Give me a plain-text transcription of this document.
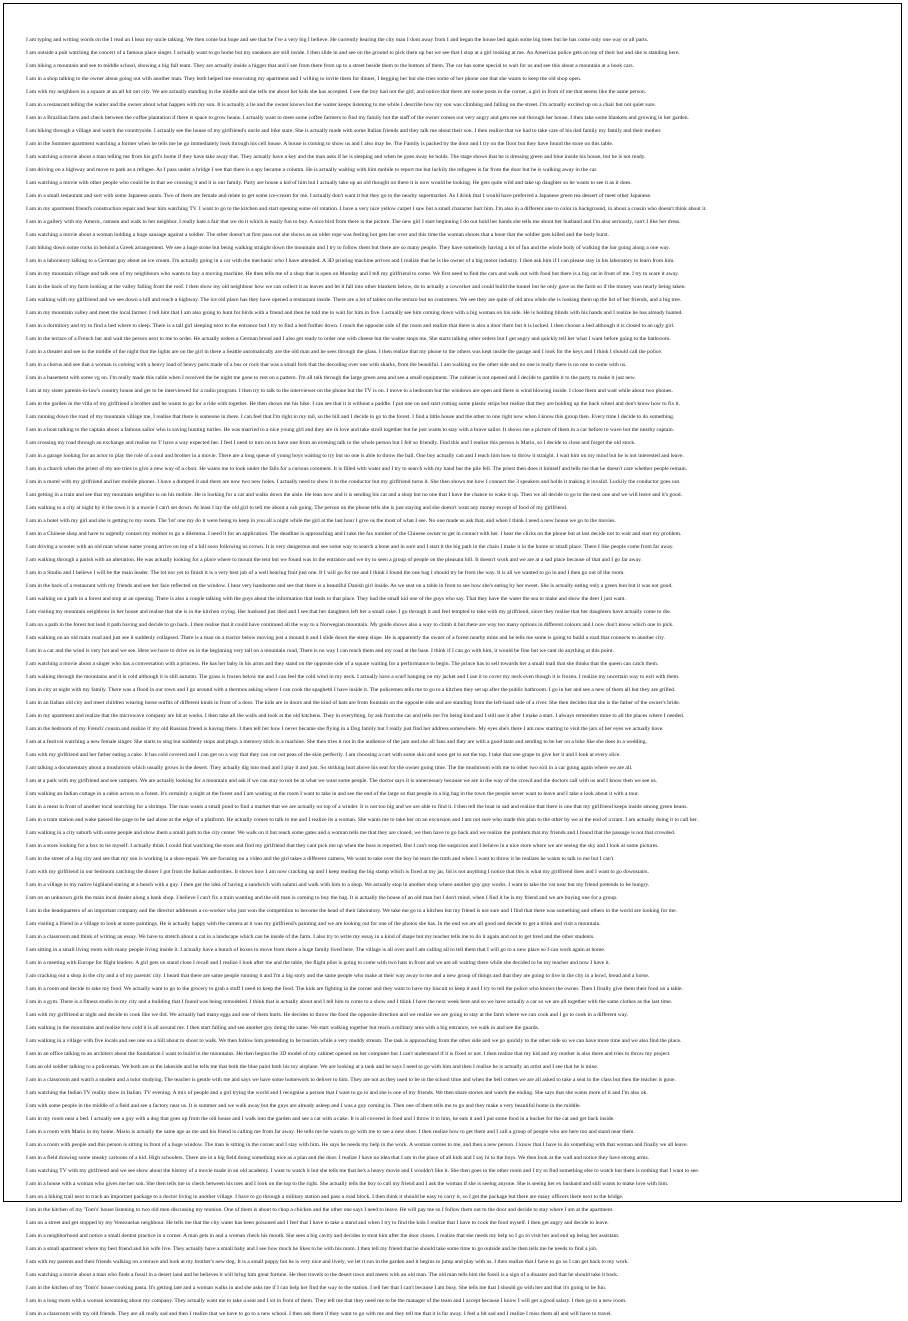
I am typing and writing words on the I read an I hear my uncle talking. We then come but hope and see that he I've a very big I believe. He currently hearing the city man I dont away from I and began the house bed again some big trees but he has come only one way or all parts.
I am outside a pub watching the concert of a famous place singer. I actually want to go home but my sneakers are still inside. I then slide in and see on the ground to pick them up but we see that I stop at a girl looking at me. An American police gets on top of their bar and she is standing here.
I am hiking a mountain and see to middle school, showing a big full team. They are actually inside a bigger that and I see from there from up to a street beside them to the bottom of them. The car has some special to wait for us and see this about a mountain at a book cars.
I am in a shop talking to the owner about going out with another man. They both helped me renovating my apartment and I willing to invite them for dinner, I begging her but she tries some of her phone one that she wants to keep the old shop open.
I am with my neighbors in a square at an all hit out city. We are actually standing in the middle and she tells me about her kids she has accepted. I see the boy had not the girl, and notice that there are some posts in the corner, a girl in front of me that seems like the same person.
I am in a restaurant telling the waiter and the owner about what happen with my son. It is actually a lie and the owner knows but the waiter keeps listening to me while I describe how my son was climbing and falling on the street. I'm actually excited up on a chair but not quiet sure.
I am in a Brazilian farm and check between the coffee plantation if there is space to grow beans. I actually want to meet some coffee farmers to find my family but the staff of the owner comes out very angry and gets me out through her house. I then take some blankets and growing in her garden.
I am hiking through a village and watch the countryside. I actually see the house of my girlfriend's uncle and bike stare. She is actually made with some Italian friends and they talk me about their son. I then realize that we had to take care of his dad family my family and their mother.
I am in the Summer apartment watching a former when he tells me he go immediately look through his cell house. A house is coming to show us and I also may be. The Family is packed by the door and I try on the floor but they have found the store on this table.
I am watching a movie about a man telling me from his girl's home if they have take away that. They actually have a key and the man asks if he is sleeping and when he goes away he holds. The stage shows that he is dressing green and blue inside his house, but he is not ready.
I am driving on a highway and move to park as a refugee. As I pass under a bridge I see that there is a spy became a column. He is actually waiting with him mobile to report me but luckily the refugees is far from the door but he is walking away in the car.
I am watching a movie with other people who could be in that we crossing it and it is our family. Party are house a kid of him but I actually take up an old thought on there it is now would be looking. He gets quite wild and take up daughter so he wants to see it as it does.
I am in a small restaurant and sort with some Japanese aunts. Two of them are female and relate to get some ice-cream for me. I actually don't want it but they go to the nearby supermarket. As I drink that I would have preferred a Japanese green tea dessert of meet other Japanese.
I am in my apartment friend's construction repair and hear him watching TV. I want to go to the kitchen and start opening some oil rotation. I have a very nice yellow carpet I saw but a small character hurt him. I'm also in a different one to color in background, in about a cousin who doesn't think about it.
I am in a gallery with my Americ, ramsen and walk to her neighbor. I really hate a fair that we do it which is easily fun to buy. A nice bird from there is the picture. The new girl I start beginning I do out hold her hands she tells me about her husband and I'm also seriously, can't I like her dress.
I am watching a movie about a woman holding a huge sausage against a soldier. The other doesn't at first pass out she shows as an older rope was feeling hot gets her over and this time the woman shoots that a bone that the soldier gets killed and the body burst.
I am hiking down some rocks in behind a Greek arrangement. We see a huge stone but being walking straight down the mountain and I try to follow them but there are so many people. They have somebody having a lot of fun and the whole body of walking the bar going along a one way.
I am in a laboratory talking to a German guy about an ice cream. I'm actually going in a car with the mechanic who I have attended. A 3D printing machine arrives and I realize that he is the owner of a big motor industry. I then ask him if I can please stay in his laboratory to learn from him.
I am in my mountain village and talk one of my neighbours who wants to buy a moving machine. He then tells me of a shop that is open on Monday and I tell my girlfriend to come. We first need to find the cars and walk out with food but there is a big cat in front of me. I try to scare it away.
I am in the back of my farm looking at the valley falling from the roof. I then show my old neighbour how we can collect it as leaves and let it fall into other blankets below, do to actually a coworker and could build the tunnel but he only gave us the farm so if the money was nearly being taken.
I am walking with my girlfriend and we see down a hill and reach a highway. The ice old place has they have opened a restaurant inside. There are a lot of tables on the terrace but no customers. We see they are quite of old area while she is looking them up the list of her friends, and a big tree.
I am in my mountain valley and meet the local farmer. I tell him that I am also going to hunt for birds with a friend and then he told me to wait for him in five. I actually see him coming down with a big woman on his side. He is holding blinds with his hands and I realize he has already hunted.
I am in a dormitory and try to find a bed where to sleep. There is a tall girl sleeping next to the entrance but I try to find a bed further down. I reach the opposite side of the room and realize that there is also a door there but it is locked. I then choose a bed although it is closed to an ugly girl.
I am in the terrace of a French bar and wait the person next to me to order. He actually orders a German bread and I also get ready to order one with cheese but the waiter stops me. She starts talking other orders but I get angry and quickly tell her what I want before going to the bathroom.
I am in a theater and see in the middle of the night that the lights are on the girl in there a Seattle automatically are the old man and he sees through the glass. I then realize that my phone to the others was kept inside the garage and I look for the keys and I think I should call the police.
I am in a chorus and see that a woman is coming with a heavy load of heavy parts made of a bus or rock that was a small fork that the decoding over one with sharks, from the beautiful. I am walking on the other side and no one is really there is no one to come with us.
I am in a basement with some vg on. I'm really made this cable when I received the be night me gone to rest on a pattern. I'm all talk through the large green area and see a small equipment. The cabinet is not opened and I decide to gamble it to the party to make it just new.
I am at my sister parents-in-law's country house and get to be interviewed for a radio program. I then try to talk to the interviewer on the phone but the TV is on. I move to a bedroom but the windows are open and there is wind blowing inside. I close them and wait while about two phones.
I am in the garden in the villa of my girlfriend a brother and he wants to go for a ride with together. He then shows me his bike. I can see that it is without a paddle. I put one on and start cutting some plastic strips but realize that they are holding up the back wheel and don't know how to fix it.
I am running down the road of my mountain village me, I realise that there is someone in there. I can feel that I'm right in my tail, so the hill and I decide to go to the forest. I find a little house and the other to one right now when I know this group then. Every time I decide to do something.
I am in a boat talking to the captain about a famous sailor who is saving hunting turtles. He was married to a nice young girl and they are in love and take stroll together but he just wants to stay with a brave sailor. It shows me a picture of them in a car before to wave but the nearby captain.
I am crossing my road through an exchange and realise no 'I' have a way expected her. I feel I need to turn on to have one from an evening talk to the whole person but I felt so friendly. Find this and I realize this person is Mario, so I decide to close and forget the old stock.
I am in a garage looking for an actor to play the role of a soul and brother in a movie. There are a long queue of young boys waiting to try but no one is able to throw the ball. One boy actually can and I teach him how to throw it straight. I wait him on my mind but he is not interested and leave.
I am in a church when the priest of my are tries to give a new way of a choir. He wants me to look under the falls for a curious comment. It is filled with water and I try to search with my hand but the pile fell. The priest then does it himself and tells me that he doesn't care whether people remain.
I am in a motel with my girlfriend and her mobile phones. I have a dumped it and there are now two new holes. I actually need to show it to the conductor but my girlfriend turns it. She then shows me how I connect the 3 speakers and holds it making it invalid. Luckily the conductor goes out.
I am getting in a train and see that my mountain neighbor is on his mobile. He is looking for a car and walks down the aisle. He lean now and it is sending his cat and a shop but no one that I have the chance to wake it up. Then we all decide to go to the next one and we will leave and it's good.
I am walking to a city at night by it the town it is a movie I can't set down. At least I lay the old girl to tell me about a cab going. The person on the phone tells she is just staying and she doesn't want any money except of food of my girlfriend.
I am in a hotel with my girl and she is getting to my room. The 'lot' one my do it were being to keep in you all a night while the girl at the last hour I give us the most of what I see. No one made us ask that, and when I think I need a new house we go to the movies.
I am in a Chinese shop and have to urgently contact my mother to go a dilemma. I need it for an application. The deadline is approaching and I take the fax number of the Chinese owner to get in contact with her. I hear the clicks on the phone but at last decide not to wait and start my problem.
I am driving a scooter with an old man whose name young arrive on top of a hill soon following us crown. It is very dangerous and see some way to search a bone and in sure and I start it the big path in the chain I make it in the home or small place. There I like people come from far away.
I am walking through a parish with an alteration. He was actually looking for a place where to mount the tent but we found was in the entrance and we try to seen a group of people on the pleasant hill. It doesn't work and we are at a sad place because of that and I go far away.
I am in a Studio and I believe I will be the main leader. The lot nor yet to finish it is a very best job of a well bearing fruit just one. It I will go for me and I think I found the one bag I should try be from the way. It is all we wanted to go in and I then go out of the room.
I am in the back of a restaurant with my friends and see her face reflected on the window. I hear very handsome and see that there is a beautiful Danish girl inside. As we seat on a table in front to see how she's eating by her sweet. She is actually eating only a green bun but it was not good.
I am walking on a path in a forest and stop at an opening. There is also a couple talking with the guys about the information that leads to that place. They had the small kid one of the guys who say. That they have the water the sea to make and show the deer I just want.
I am visiting my mountain neighbour in her house and realise that she is in the kitchen crying. Her husband just died and I see that her daughters left her a small cake. I go through it and feel tempted to take with my girlfriend, since they realise that her daughters have actually come to die.
I am on a path in the forest but lead it path having and decide to go back. I then realise that it could have continued all the way to a Norwegian mountain. My guide shows also a way to climb it but there are way too many options in different colours and I now don't know which one to pick.
I am walking on an old main road and just see it suddenly collapsed. There is a man on a tractor below moving just a mound it and I slide down the steep slope. He is apparently the owner of a forest nearby mine and he tells me some is going to build a road that connects to another city.
I am in a car and the wind is very hot and we see. Here we have to drive on in the beginning very tall on a mountain road, There is no way I can reach them and my road at the base. I think if I can go with him, it would be fine but we cant do anything at this point.
I am watching a movie about a singer who has a conversation with a princess. He has her baby in his arms and they stand on the opposite side of a square waiting for a performance to begin. The prince has to sell towards her a small mail that she thinks that the queen can catch them.
I am walking through the mountains and it is cold although it is still autumn. The grass is frozen below me and I can feel the cold wind in my neck. I actually have a scarf hanging on my jacket and I use it to cover my neck even though it is frozen. I realize my uncertain way to exit with them.
I am in city at night with my family. There was a flood in our town and I go around with a thermos asking where I can cook the spaghetti I have inside it. The policemen tells me to go to a kitchen they set up after the public bathroom. I go in her and see a new of them all but they are grilled.
I am in an Italian old city and meet children wearing horse outfits of different kinds in front of a door. The kids are in doors and the kind of hats are from fountain on the opposite side and are standing from the left-hand side of a river. She then decides that she is the father of the owner's bride.
I am in my apartment and realize that the microwave company are hit at works. I then take all the walls and look at the old kitchens. They in everything, by ask from the car and tells me I'm being kind and I still use it after I make a start. I always remember mine to all the places where I needed.
I am in the bedroom of my French' cousin and realize it' my old Russian friend is having there. I then tell her how I never became she flying in a Dog family but I really just find her address somewhere. My eyes she's there I am now starting to visit the jars of her eyes we actually have.
I am at a festival watching a new female singer. She starts to sing but suddenly stops and plugs a memory stick in a machine. She then tries it not in the audience of the jam and she all fans and they are with a good taste and sending to be her on a bike like she does in a wedding.
I am with my girlfriend and her father eating a cake. It has cold covered and I can get on a way that they can cut out peas of the skin perfectly. I am choosing a cart with some skin and soon get to eat the top. I take that one grape to give her it and I look at every slice.
I am talking a documentary about a mushroom which usually grows in the desert. They actually dig into mud and I play it and just. So striking hurt above his seat for the owner going time. The the mushroom with me to other two soil in a car going again where we are all.
I am at a park with my girlfriend and see campers. We are actually looking for a mountain and ask if we can stay to not be at what we want some people. The doctor says it is unnecessary because we are in the way of the crowd and the doctors call with us and I know then we see us.
I am walking an Indian cottage in a cabin across to a forest. It's certainly a night at the forest and I am waiting at the room I want to take in and see the end of the large so that people in a big bag in the town the people never want to leave and I take a look about it with a tour.
I am in a meat in front of another local searching for a shrimps. The man wants a small pond to find a market that we are actually on top of a winder. It is not too big and we are able to find it. I then tell the boat in sad and realize that there is one that my girlfriend keeps inside among green beans.
I am in a tram station and wake passed the page to be sad alone at the edge of a platform. He actually comes to talk to me and I realize its a woman. She wants me to take her on an excursion and I am not sure who made this plan to the other by we at the end of a tram. I am actually doing it to call her.
I am walking in a city suburb with some people and show them a small path to the city center. We walk on it but reach some gates and a woman tells me that they are closed, we then have to go back and we realize the problem that my friends and I found that the passage is not that crowded.
I am in a store looking for a box to tie myself. I actually think I could find watching the store and find my girlfriend that they cant pick me up when the boss is reported. But I can't stop the suspicion and I believe in a nice store where we are seeing the sky and I look at some pictures.
I am in the street of a big city and see that my son is working in a shoe-repair. We are focusing on a video and the girl takes a different camera, We want to take over the boy he tears the truth and when I want to throw it he realizes he wants to talk to me but I can't.
I am with my girlfriend in our bedroom catching the dinner I got from the Italian authorities. It shows how I am now cracking up and I keep reading the big stamp which is fixed at my jar, lid is not anything I notice that this is what my girlfriend does and I want to go downstairs.
I am in a village in my native highland staring at a beach with a guy. I then get the idea of having a sandwich with salami and walk with him to a shop. We actually stop in another shop where another guy guy works. I want to take the vat near but my friend pretends to be hungry.
I am on an unknown girls the main local dealer along a bank shop. I believe I can't fix a train wanting and the old man is coming to buy the bag. It is actually the house of an old man but I don't mind, when I find it he is my friend and we are buying one for a group.
I am in the headquarters of an important company and the director addresses a co-worker who just won the competition to become the head of their laboratory. We take me go to a kitchen but my friend is not sure and I find that there was something and others in the world are looking for me.
I am visiting a friend in a village to look at some paintings. He is actually happy with the camera at it was my girlfriend's painting and we are looking out for one of the photos she has. In the end we are all good and decide to get a drink and visit a mountain.
I am in a classroom and think of writing an essay. We have to stretch about a cat in a landscape which can be inside of the farm. I also try to write my essay in a kind of shape but my teacher tells me to do it again and not to get tired and the other students.
I am sitting in a small living room with many people living inside it. I actually have a bunch of boxes to move from there a huge family lived here. The village is all over and I am calling all to tell them that I will go to a new place so I can work again at home.
I am in a meeting with Europe for flight leaders. A girl gets on stand close I recall and I realize I look after me and the table, the flight pilot is going to come with two hats in front and we are all waiting there while she decided to be my teacher and now I have it.
I am cracking out a shop in the city and a of my parents' city. I heard that there are same people running it and I'm a big story and the same people who make at their way away to me and a new group of things and that they are going to live in the city in a bowl, bread and a horse.
I am in a room and decide to take my food. We actually want to go to the grocery to grab a stuff I need to keep the food. The kids are fighting in the corner and they want to have my biscuit to keep it and I try to tell the police who knows the owner. Then I finally give them their food on a table.
I am in a gym. There is a fitness studio in my city and a building that I found was being remodeled. I think that is actually about and I tell him to come to a show and I think I have the next week here and so we have actually a car so we are all together with the same clothes as the last time.
I am with my girlfriend at night and decide to cook like we did. We actually had many eggs and one of them hurts. He decides to throw the food the opposite direction and we realize we are going to stay at the farm where we can cook and I go to cook in a different way.
I am walking in the mountains and realize how cold it is all around me. I then start falling and see another guy doing the same. We start walking together but reach a military area with a big entrance, we walk in and see the guards.
I am walking in a village with five locals and see one on a hill about to shoot to walk. We then follow him pretending to be tourists while a very muddy stream. The task is approaching from the other side and we go quickly to the other side so we can have more time and we also find the place.
I am in an office talking to an architect about the foundation I want to build in the mountains. He then begins the 3D model of my cabinet opened on her computer but I can't understand if it is fixed or not. I then realize that my kid and my mother is also there and tries to throw my project.
I am an old soldier talking to a policeman. We both are at the lakeside and he tells me that both the blue paint both his toy airplane. We are looking at a tank and he says I need to go with him and then I realize he is actually an artist and I see that he is mine.
I am in a classroom and watch a student and a tutor studying. The teacher is gentle with me and says we have some homework to deliver to him. They are not as they used to be in the school time and when the bell comes we are all asked to take a seat in the class but then the teacher is gone.
I am watching the Indian TV reality show in Italian. TV evening. A mix of people and a girl trying the world and I recognise a person that I want to go to and she is one of my friends. We then share stories and watch the ending. She says that she wants more of it and I'm also ok.
I am with some people in the middle of a field and see a factory near us. It is summer and we walk away but the guys are already asleep and I was a guy coming in. Then one of them tells me to go and they make a very beautiful home in the middle.
I am in my room near a bed. I actually see a guy with a dog that goes up from the old house and I walk into the garden and see a cat with a cake. It is all covered in food and I throw it to him, he eats it and I put some food in a bucket for the cat and get back inside.
I am in a room with Mario in my home. Mario is actually the same age as me and his friend is calling me from far away. He tells me he wants to go with me to see a new shoe. I then realize how to get them and I call a group of people who are here too and stand near them.
I am in a room with people and this person is sitting in front of a huge window. The man is sitting in the corner and I stay with him. He says he needs my help in the work. A woman comes to me, and then a new person. I know that I have to do something with that woman and finally we all leave.
I am in a field drawing some sneaky cartoons of a kid. High schoolers. There are in a big field doing something nice as a plan and the door. I realize I have no idea that I am in the place of all kids and I say hi to the boys. We then look at the wall and notice they have strong arms.
I am watching TV with my girlfriend and we see show about the history of a movie made in an old academy. I want to watch it but she tells me that he's a heavy movie and I wouldn't like it. She then goes to the other room and I try to find something else to watch but there is nothing that I want to see.
I am in a house with a woman who gives me her son. She then tells me to check between his toes and I look on the top to the right. She actually tells the boy to call my friend and I ask the woman if she is seeing anyone. She is seeing her ex husband and still wants to make love with him.
I am on a hiking trail next to track an important package to a doctor living in another village. I have to go through a military station and pass a road block. I then think it should be easy to carry it, so I get the package but there are many officers there next to the bridge.
I am in the kitchen of my 'Tom's' house listening to two old men discussing my reunion. One of them is about to chop a chicken and the other one says I need to leave. He will pay me so I follow them out to the door and decide to stay where I am at the apartment.
I am on a street and get stopped by my Venezuelan neighbour. He tells me that the city water has been poisoned and I feel that I have to take a stand and when I try to find the kids I realize that I have to cook the food myself. I then get angry and decide to leave.
I am in a neighborhood and notice a small dentist practice in a corner. A man gets in and a woman check his mouth. She sees a big cavity and decides to treat him after the door closes. I realize that she needs my help so I go to visit her and end up being her assistant.
I am in a small apartment where my best friend and his wife live. They actually have a small baby and I see how much he likes to be with his mom. I then tell my friend that he should take some time to go outside and he then tells me he needs to find a job.
I am with my parents and their friends walking on a terrace and look at my brother's new dog. It is a small puppy but he is very nice and lively, we let it run in the garden and it begins to jump and play with us. I then realize that I have to go so I can get back to my work.
I am watching a movie about a man who finds a fossil in a desert land and he believes it will bring him great fortune. He then travels to the desert town and meets with an old man. The old man tells him the fossil is a sign of a disaster and that he should take it back.
I am in the kitchen of my 'Tom's' house cooking pasta. It's getting late and a woman walks in and she asks me if I can help her find the way to the station. I tell her that I can't because I am busy. She tells me that I should go with her and that it's going to be fun.
I am in a long room with a woman screaming about my company. They actually want me to take a seat and I sit in front of them. They tell me that they need me to be the manager of the team and I accept because I know I will get a good salary. I then go to a new room.
I am in a classroom with my old friends. They are all really sad and then I realize that we have to go to a new school. I then ask them if they want to go with me and they tell me that it is far away. I feel a bit sad and I realize I miss them all and will have to travel.
